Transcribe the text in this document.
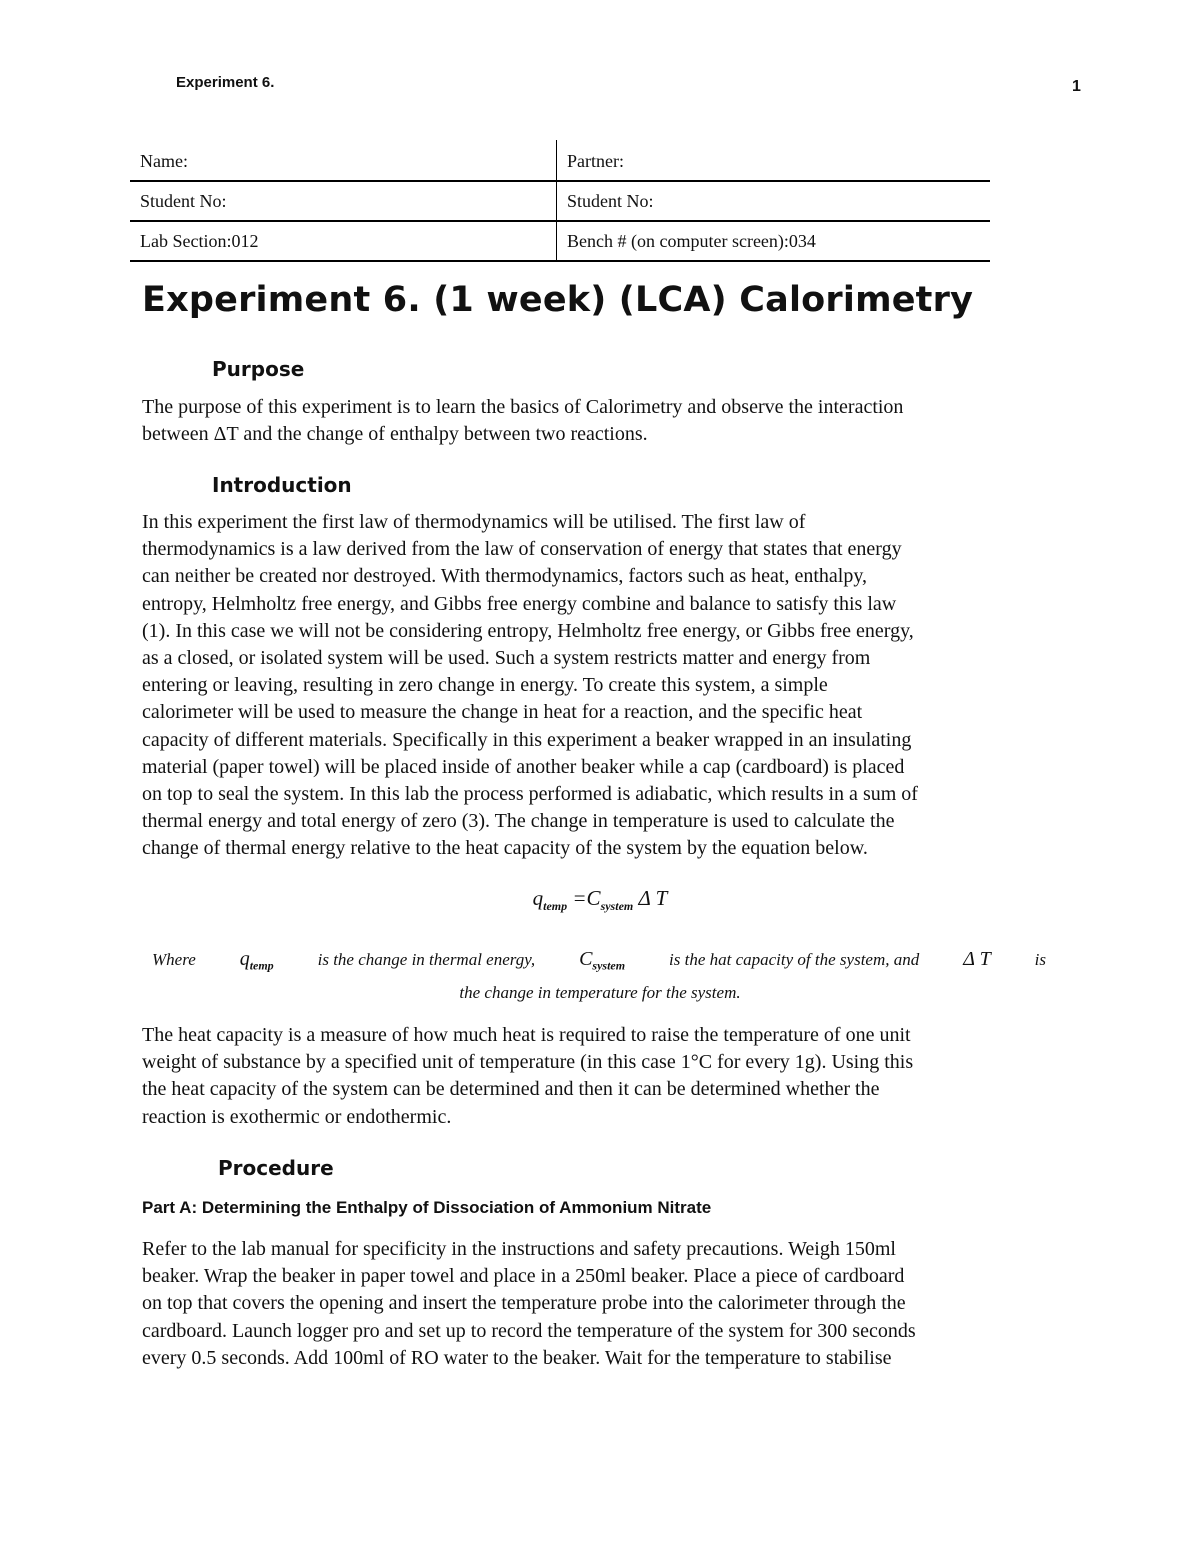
Experiment 6.	1
Name:	Partner:
Student No:	Student No:
Lab Section:012	Bench # (on computer screen):034
Experiment 6. (1 week) (LCA) Calorimetry
Purpose

The purpose of this experiment is to learn the basics of Calorimetry and observe the interaction
between ΔT and the change of enthalpy between two reactions.

Introduction

In this experiment the first law of thermodynamics will be utilised. The first law of
thermodynamics is a law derived from the law of conservation of energy that states that energy
can neither be created nor destroyed. With thermodynamics, factors such as heat, enthalpy,
entropy, Helmholtz free energy, and Gibbs free energy combine and balance to satisfy this law
(1). In this case we will not be considering entropy, Helmholtz free energy, or Gibbs free energy,
as a closed, or isolated system will be used. Such a system restricts matter and energy from
entering or leaving, resulting in zero change in energy. To create this system, a simple
calorimeter will be used to measure the change in heat for a reaction, and the specific heat
capacity of different materials. Specifically in this experiment a beaker wrapped in an insulating
material (paper towel) will be placed inside of another beaker while a cap (cardboard) is placed
on top to seal the system. In this lab the process performed is adiabatic, which results in a sum of
thermal energy and total energy of zero (3). The change in temperature is used to calculate the
change of thermal energy relative to the heat capacity of the system by the equation below.

$q_{temp} =C_{system}$ Δ T
Where $q_{temp}$	is the change in thermal energy, $C_{system}$	is the hat capacity of the system, and Δ T	is
the change in temperature for the system.

The heat capacity is a measure of how much heat is required to raise the temperature of one unit
weight of substance by a specified unit of temperature (in this case 1°C for every 1g). Using this
the heat capacity of the system can be determined and then it can be determined whether the
reaction is exothermic or endothermic.

Procedure
Part A: Determining the Enthalpy of Dissociation of Ammonium Nitrate

Refer to the lab manual for specificity in the instructions and safety precautions. Weigh 150ml
beaker. Wrap the beaker in paper towel and place in a 250ml beaker. Place a piece of cardboard
on top that covers the opening and insert the temperature probe into the calorimeter through the
cardboard. Launch logger pro and set up to record the temperature of the system for 300 seconds
every 0.5 seconds. Add 100ml of RO water to the beaker. Wait for the temperature to stabilise
